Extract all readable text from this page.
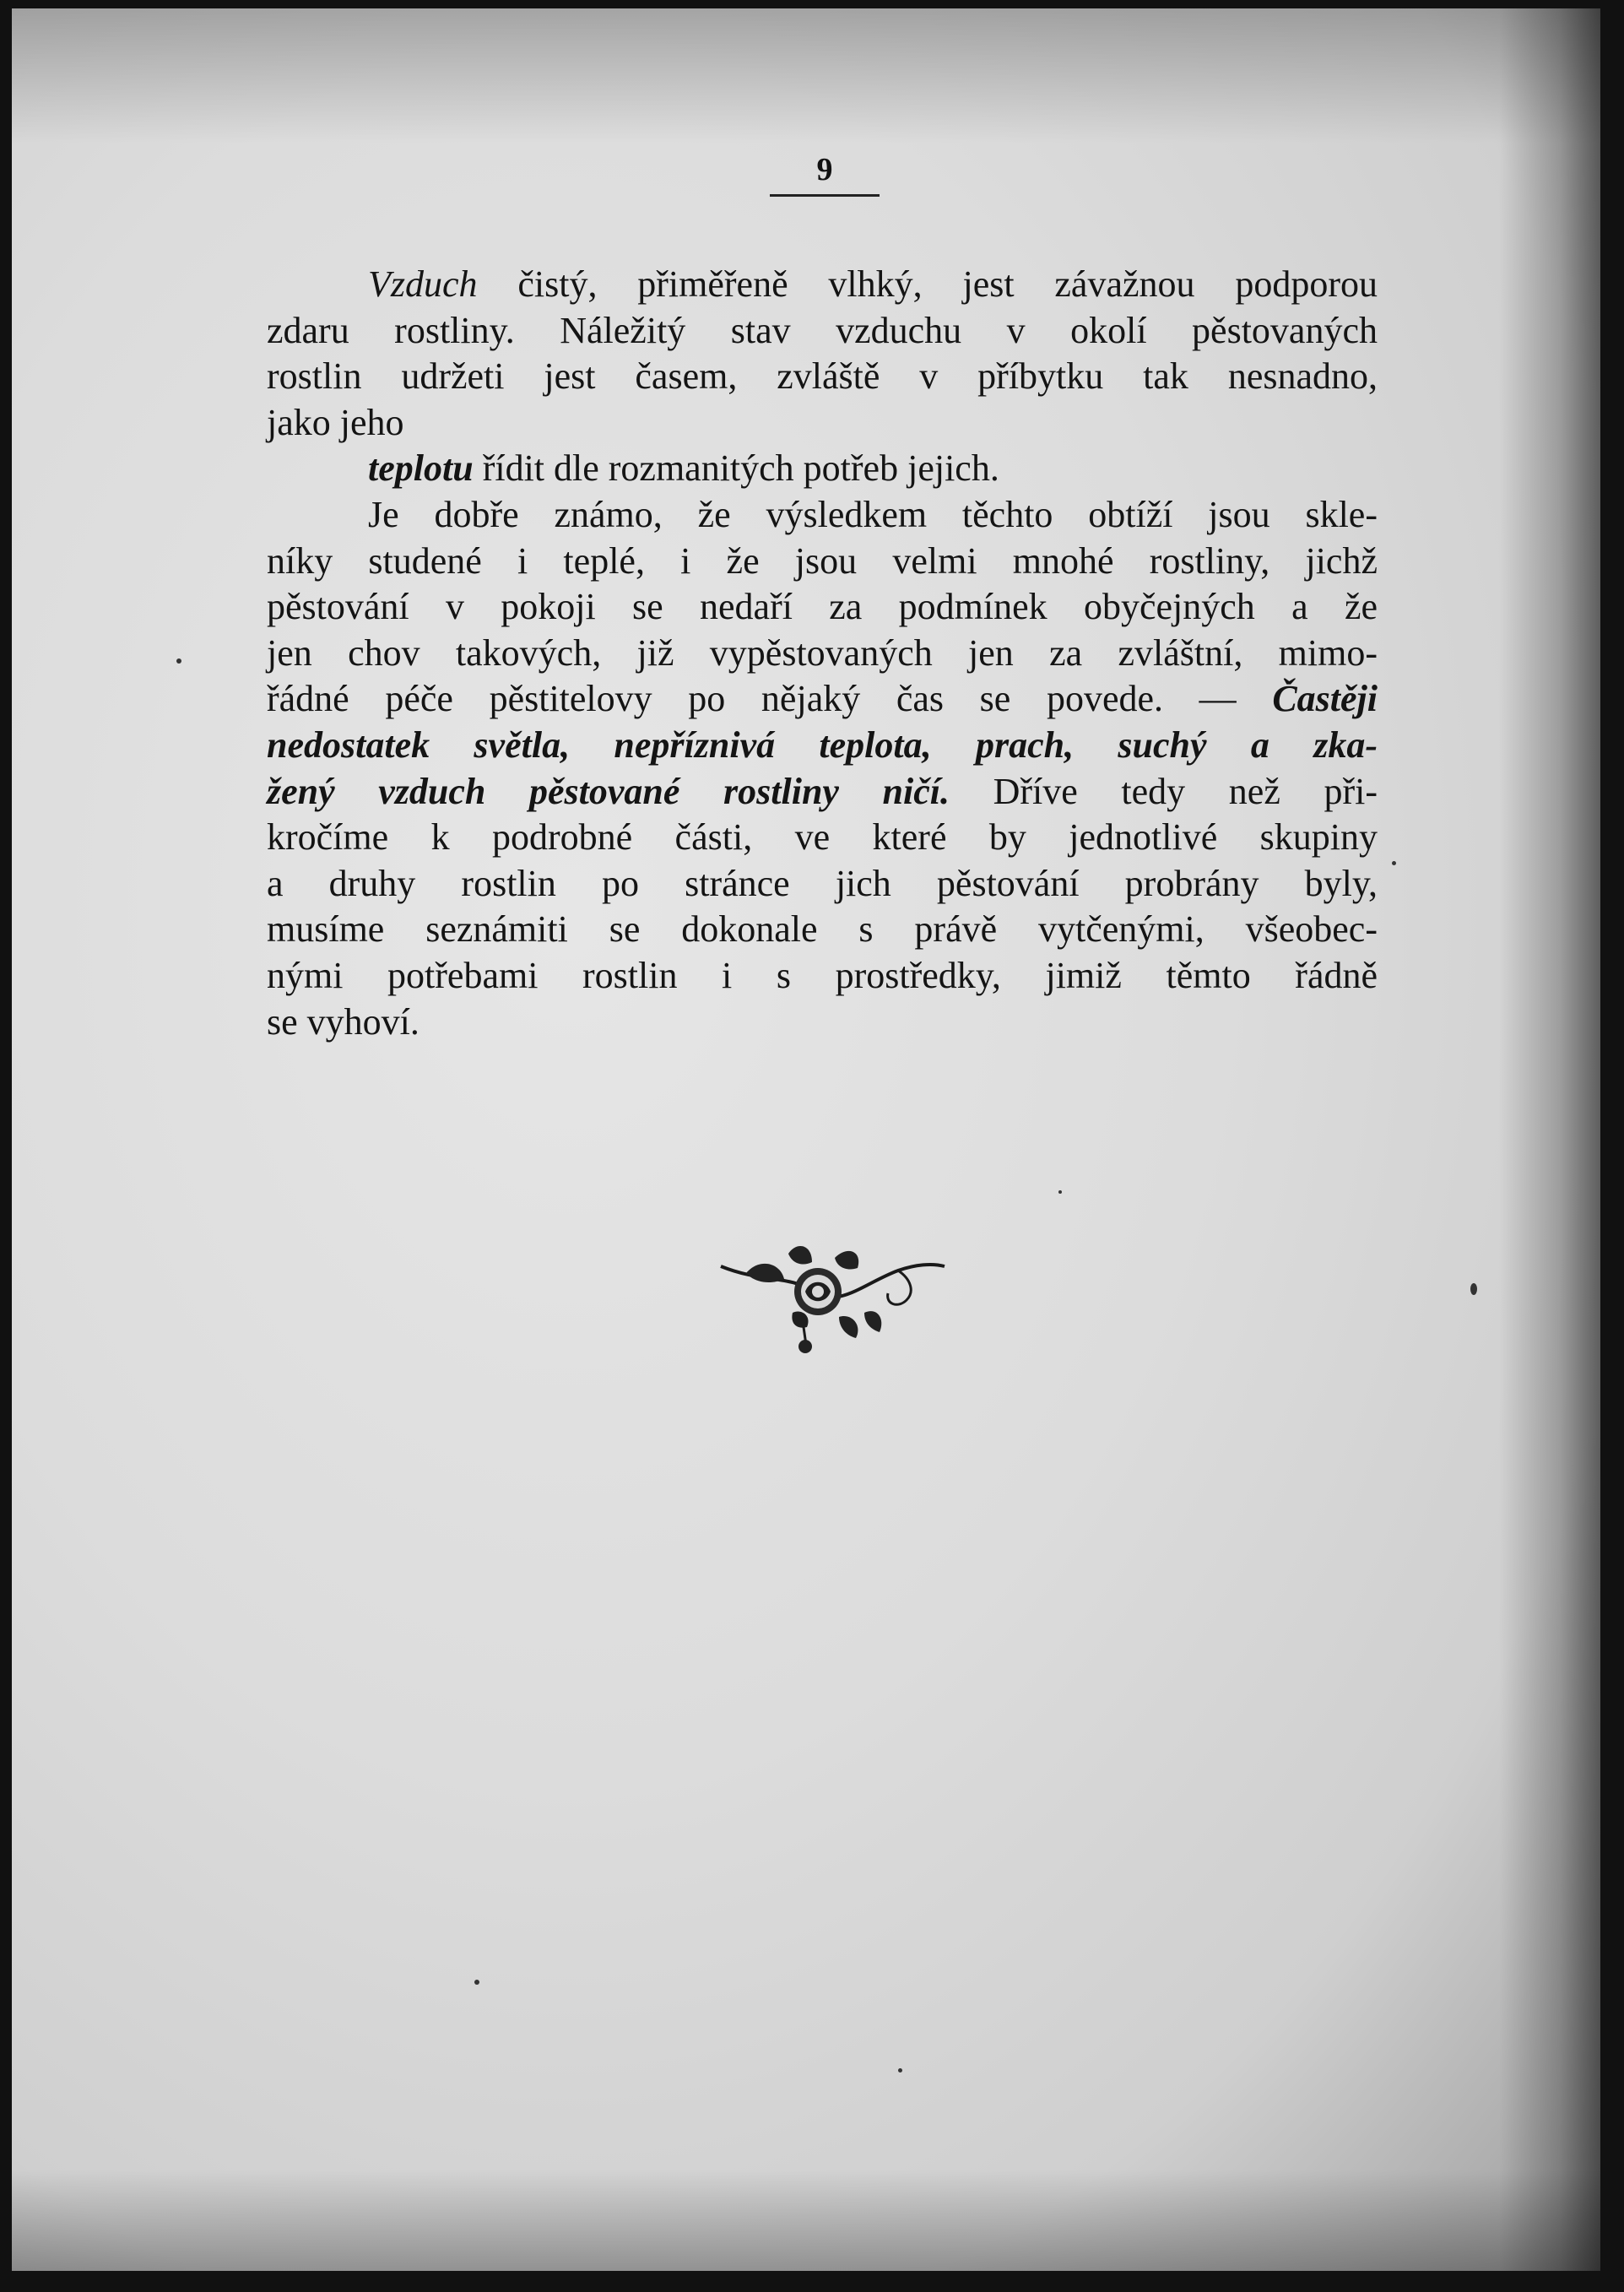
9
Vzduch čistý, přiměřeně vlhký, jest závažnou podporou
zdaru rostliny. Náležitý stav vzduchu v okolí pěstovaných
rostlin udržeti jest časem, zvláště v příbytku tak nesnadno,
jako jeho
teplotu řídit dle rozmanitých potřeb jejich.
Je dobře známo, že výsledkem těchto obtíží jsou skle-
níky studené i teplé, i že jsou velmi mnohé rostliny, jichž
pěstování v pokoji se nedaří za podmínek obyčejných a že
jen chov takových, již vypěstovaných jen za zvláštní, mimo-
řádné péče pěstitelovy po nějaký čas se povede. — Častěji
nedostatek světla, nepříznivá teplota, prach, suchý a zka-
žený vzduch pěstované rostliny ničí. Dříve tedy než při-
kročíme k podrobné části, ve které by jednotlivé skupiny
a druhy rostlin po stránce jich pěstování probrány byly,
musíme seznámiti se dokonale s právě vytčenými, všeobec-
nými potřebami rostlin i s prostředky, jimiž těmto řádně
se vyhoví.
